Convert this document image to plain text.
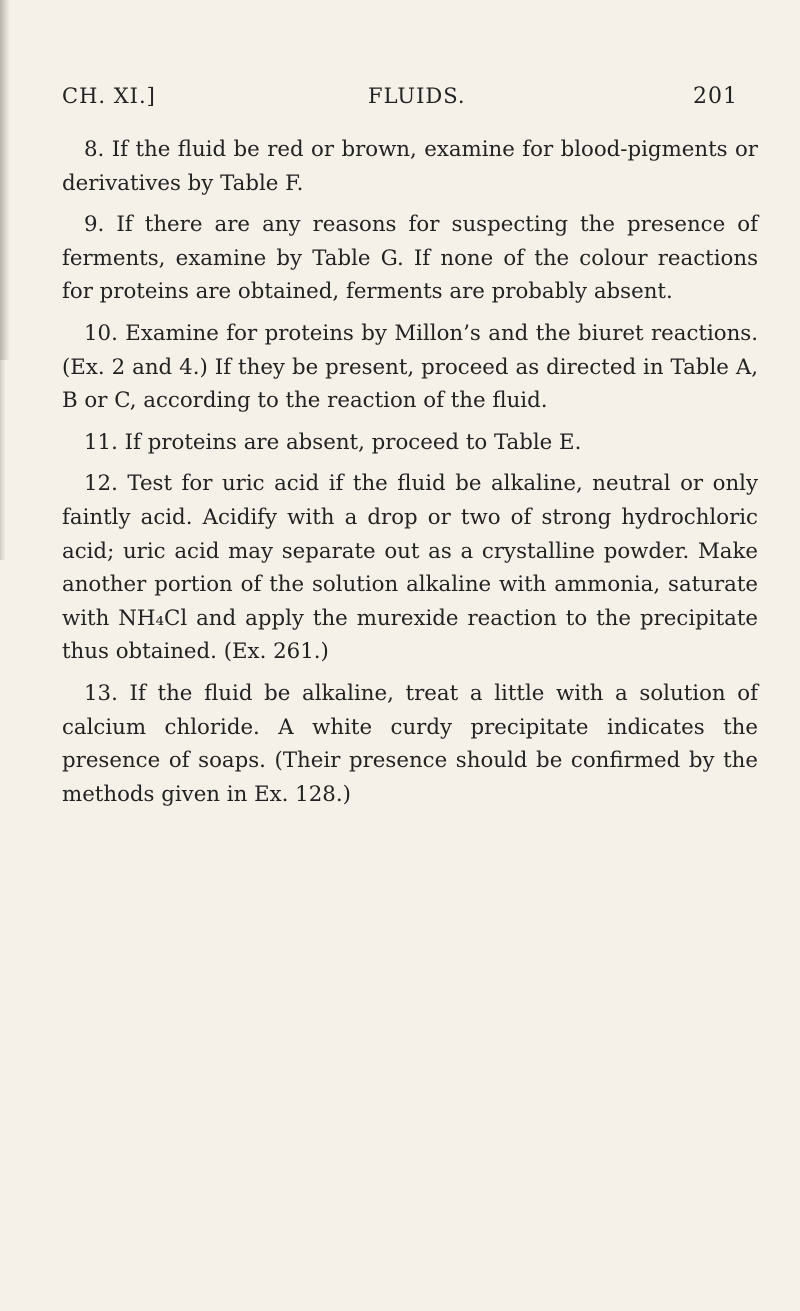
CH. XI.]	FLUIDS.	201

8. If the fluid be red or brown, examine for blood-pigments or derivatives by Table F.

9. If there are any reasons for suspecting the presence of ferments, examine by Table G. If none of the colour reactions for proteins are obtained, ferments are probably absent.

10. Examine for proteins by Millon’s and the biuret reactions. (Ex. 2 and 4.) If they be present, proceed as directed in Table A, B or C, according to the reaction of the fluid.

11. If proteins are absent, proceed to Table E.

12. Test for uric acid if the fluid be alkaline, neutral or only faintly acid. Acidify with a drop or two of strong hydrochloric acid; uric acid may separate out as a crystalline powder. Make another portion of the solution alkaline with ammonia, saturate with NH₄Cl and apply the murexide reaction to the precipitate thus obtained. (Ex. 261.)

13. If the fluid be alkaline, treat a little with a solution of calcium chloride. A white curdy precipitate indicates the presence of soaps. (Their presence should be confirmed by the methods given in Ex. 128.)
